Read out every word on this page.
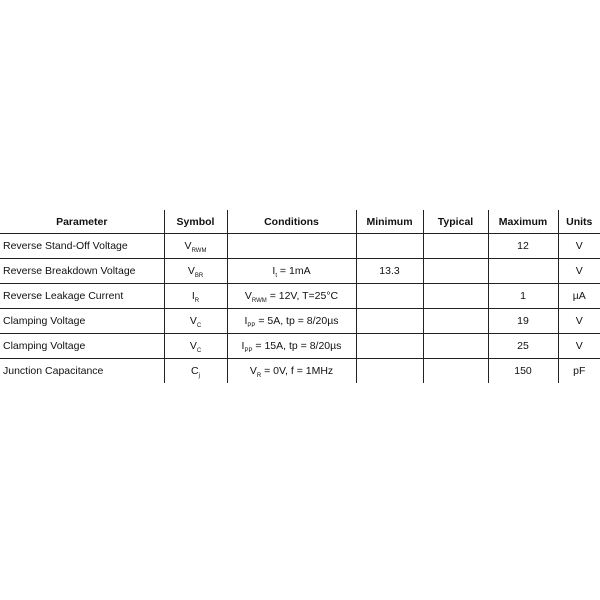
Parameter	Symbol	Conditions	Minimum	Typical	Maximum	Units
Reverse Stand-Off Voltage	$V_{RWM}$				12	V
Reverse Breakdown Voltage	$V_{BR}$	$I_t = 1mA$	13.3			V
Reverse Leakage Current	$I_R$	$V_{RWM} = 12V$, T=25°C			1	µA
Clamping Voltage	$V_C$	$I_{PP} = 5A$, tp = 8/20µs			19	V
Clamping Voltage	$V_C$	$I_{PP} = 15A$, tp = 8/20µs			25	V
Junction Capacitance	$C_j$	$V_R = 0V$, f = 1MHz			150	pF
